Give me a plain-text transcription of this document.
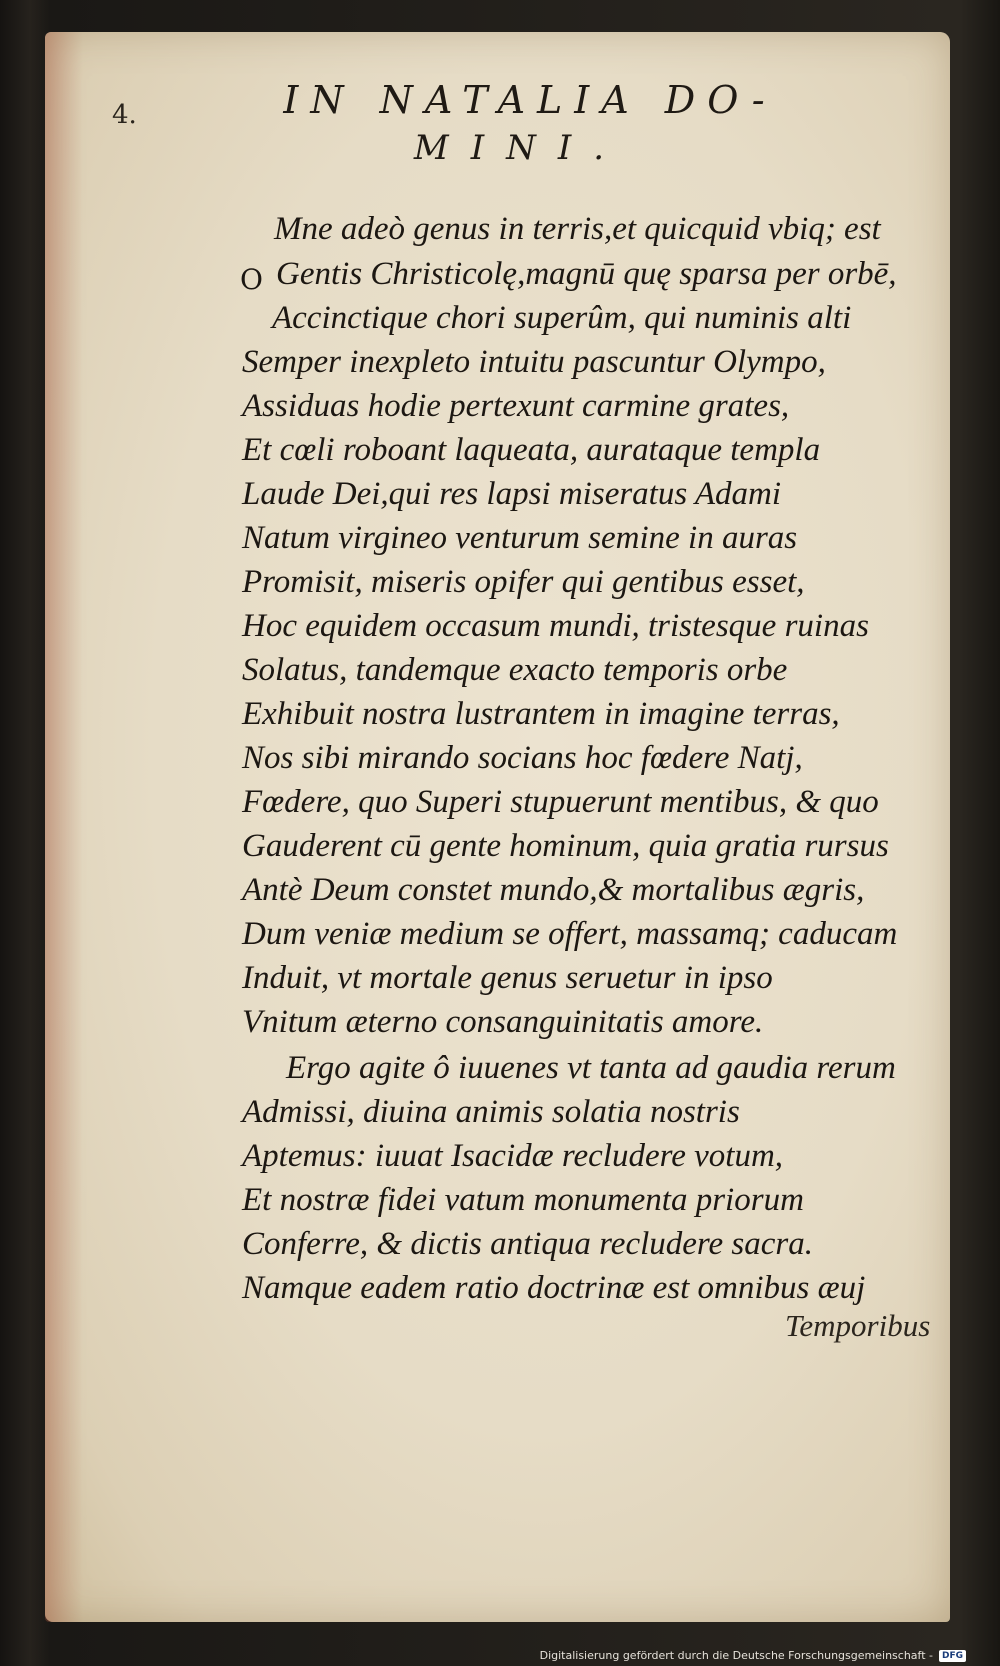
4.	IN NATALIA DO-
MINI.
O
Mne adeò genus in terris,et quicquid vbiq; est
Gentis Christicolę,magnū quę sparsa per orbē,
Accinctique chori superûm, qui numinis alti
Semper inexpleto intuitu pascuntur Olympo,
Assiduas hodie pertexunt carmine grates,
Et cœli roboant laqueata, aurataque templa
Laude Dei,qui res lapsi miseratus Adami
Natum virgineo venturum semine in auras
Promisit, miseris opifer qui gentibus esset,
Hoc equidem occasum mundi, tristesque ruinas
Solatus, tandemque exacto temporis orbe
Exhibuit nostra lustrantem in imagine terras,
Nos sibi mirando socians hoc fœdere Natj,
Fœdere, quo Superi stupuerunt mentibus, & quo
Gauderent cū gente hominum, quia gratia rursus
Antè Deum constet mundo,& mortalibus ægris,
Dum veniæ medium se offert, massamq; caducam
Induit, vt mortale genus seruetur in ipso
Vnitum æterno consanguinitatis amore.
Ergo agite ô iuuenes vt tanta ad gaudia rerum
Admissi, diuina animis solatia nostris
Aptemus: iuuat Isacidæ recludere votum,
Et nostræ fidei vatum monumenta priorum
Conferre, & dictis antiqua recludere sacra.
Namque eadem ratio doctrinæ est omnibus æuj
Temporibus
Digitalisierung gefördert durch die Deutsche Forschungsgemeinschaft -	DFG
